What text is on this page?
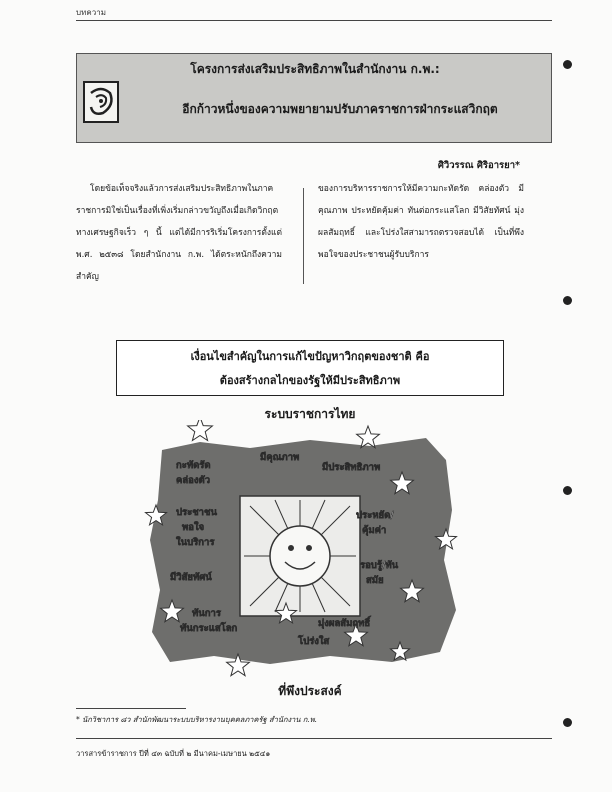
บทความ
โครงการส่งเสริมประสิทธิภาพในสำนักงาน ก.พ.:
อีกก้าวหนึ่งของความพยายามปรับภาคราชการฝ่ากระแสวิกฤต
ศิวิวรรณ ศิริอารยา*
โดยข้อเท็จจริงแล้วการส่งเสริมประสิทธิภาพในภาคราชการมิใช่เป็นเรื่องที่เพิ่งเริ่มกล่าวขวัญถึงเมื่อเกิดวิกฤตทางเศรษฐกิจเร็ว ๆ นี้ แต่ได้มีการริเริ่มโครงการตั้งแต่พ.ศ. ๒๕๓๘ โดยสำนักงาน ก.พ. ได้ตระหนักถึงความสำคัญ
ของการบริหารราชการให้มีความกะทัดรัด คล่องตัว มีคุณภาพ ประหยัดคุ้มค่า ทันต่อกระแสโลก มีวิสัยทัศน์ มุ่งผลสัมฤทธิ์ และโปร่งใสสามารถตรวจสอบได้ เป็นที่พึงพอใจของประชาชนผู้รับบริการ
เงื่อนไขสำคัญในการแก้ไขปัญหาวิกฤตของชาติ คือ
ต้องสร้างกลไกของรัฐให้มีประสิทธิภาพ
ระบบราชการไทย
กะทัดรัด
คล่องตัว
มีคุณภาพ
มีประสิทธิภาพ
ประชาชน
พอใจ
ในบริการ
ประหยัด/
คุ้มค่า
รอบรู้/ทัน
สมัย
มีวิสัยทัศน์
ทันการ
ทันกระแสโลก	มุ่งผลสัมฤทธิ์
โปร่งใส
ที่พึงประสงค์
* นักวิชาการ ๘ว สำนักพัฒนาระบบบริหารงานบุคคลภาครัฐ สำนักงาน ก.พ.
วารสารข้าราชการ ปีที่ ๔๓ ฉบับที่ ๒ มีนาคม-เมษายน ๒๕๔๑
